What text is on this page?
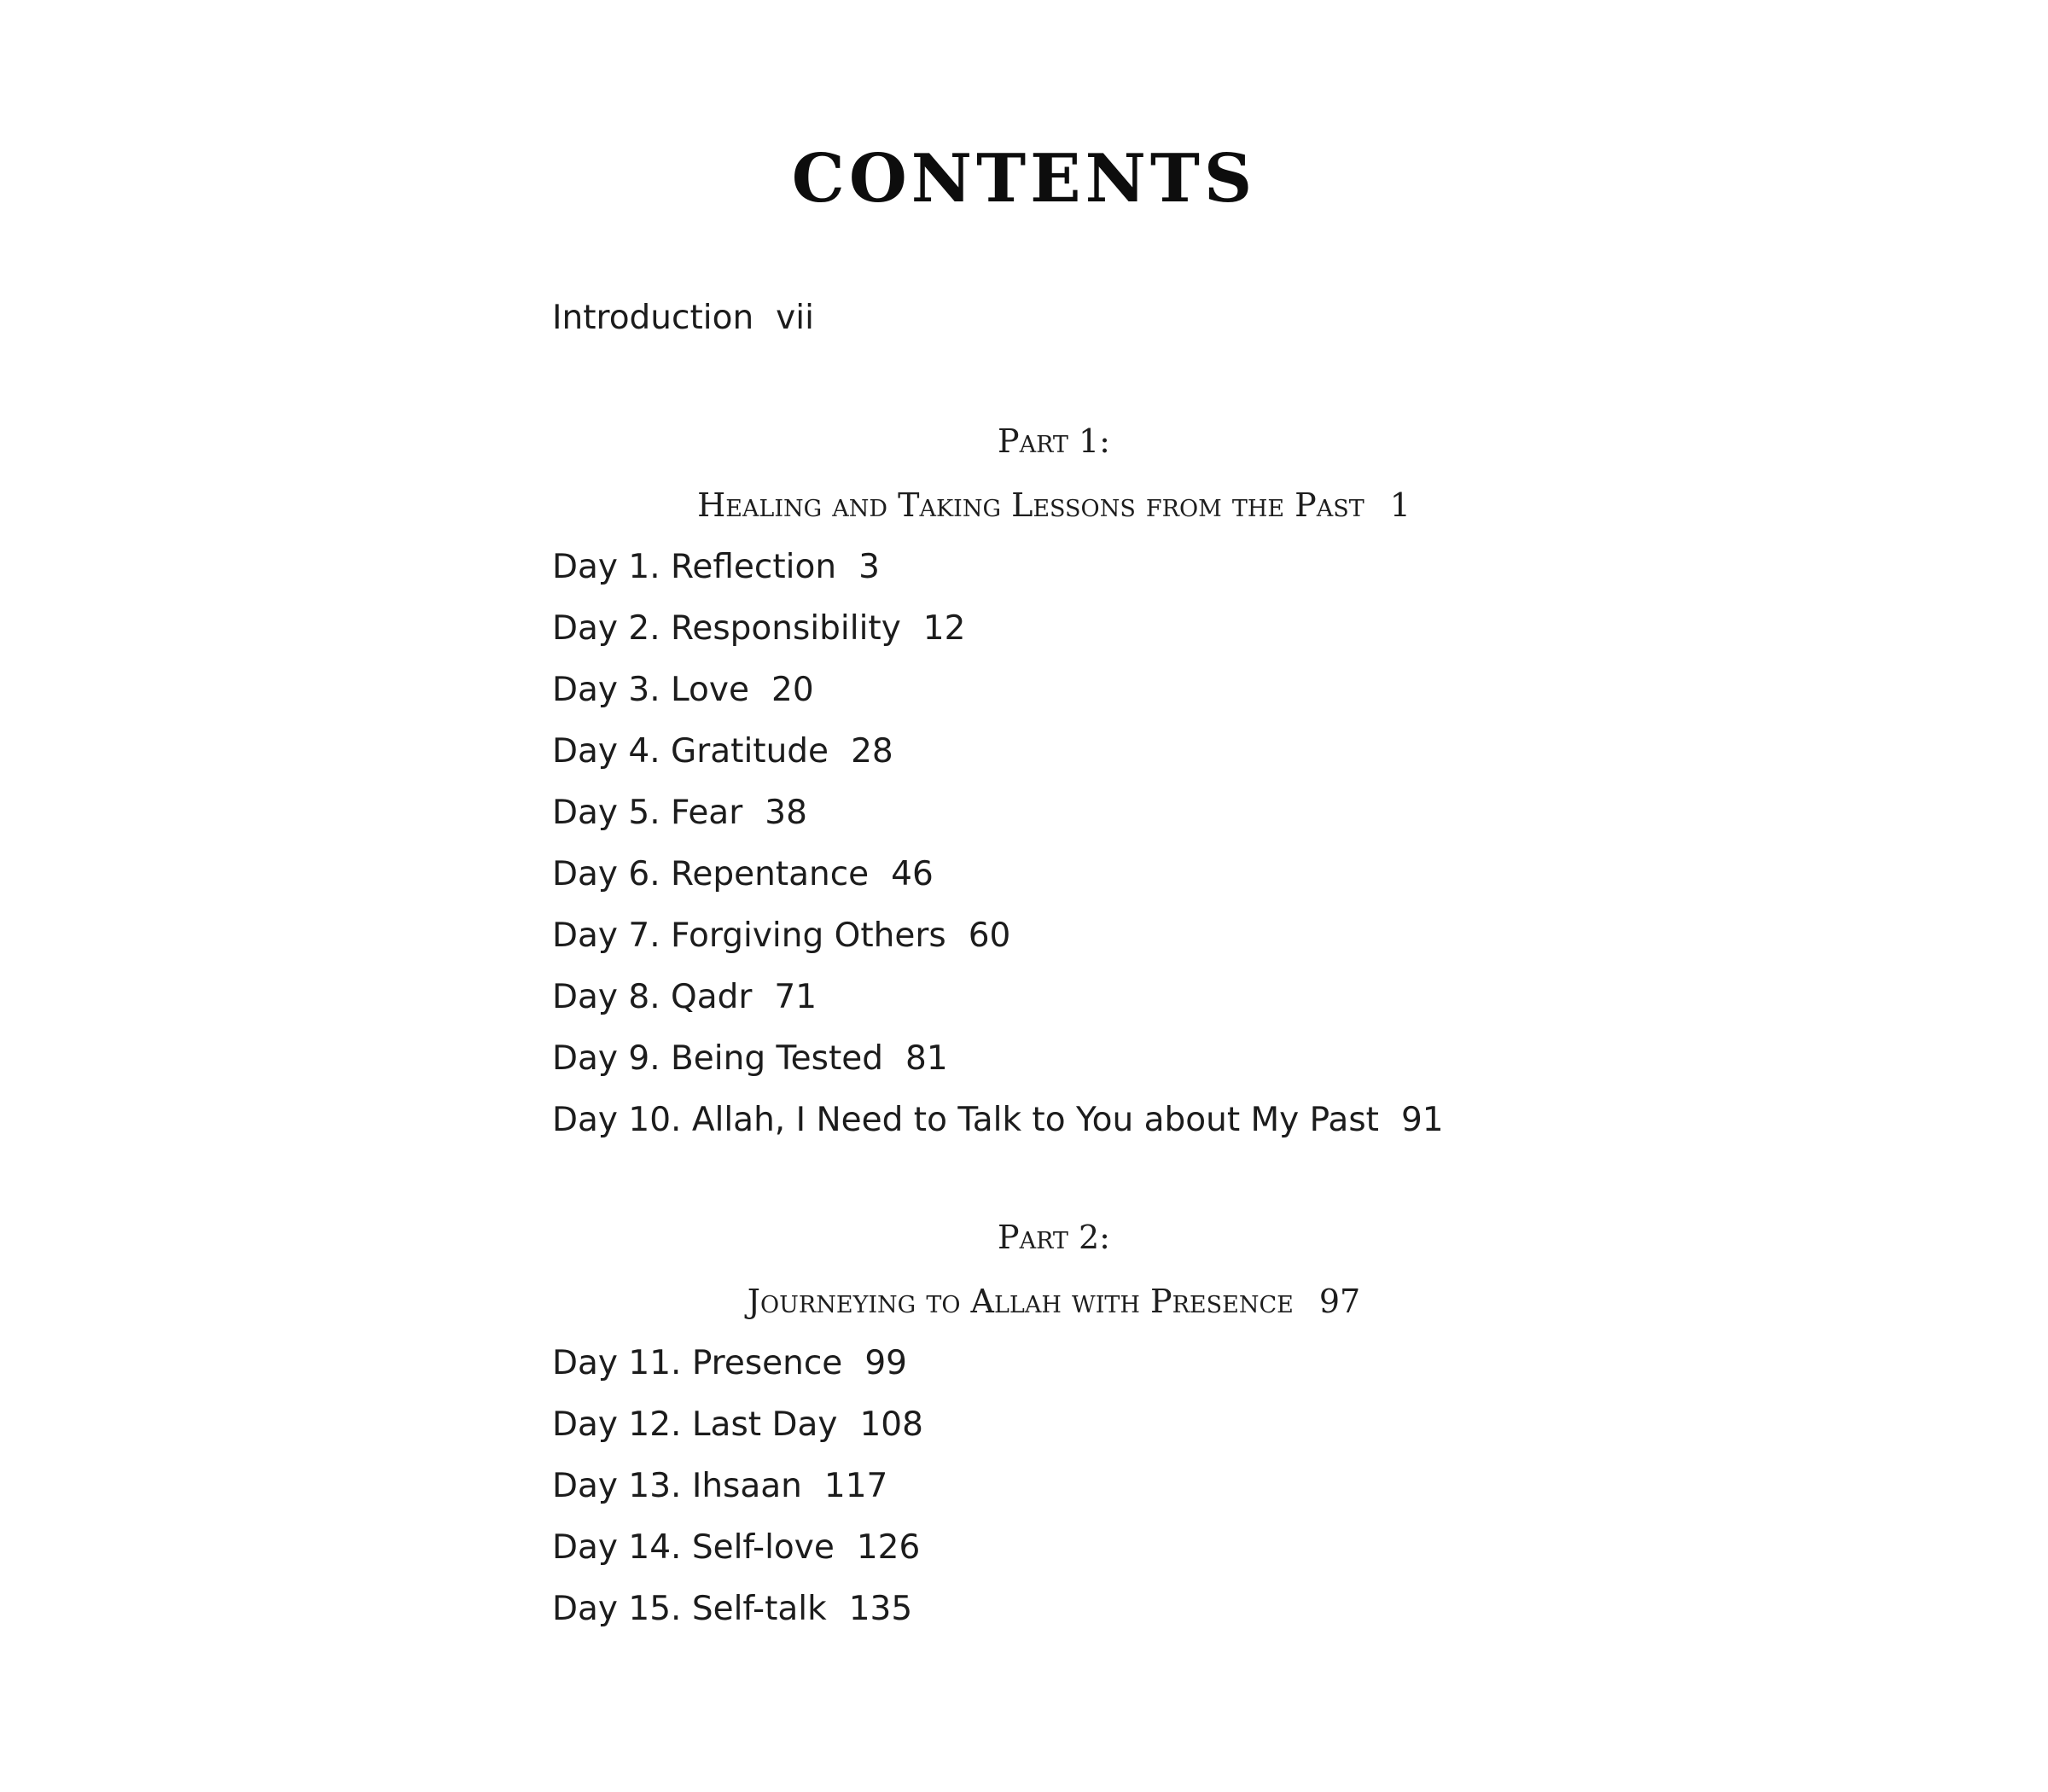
CONTENTS
Introduction vii
Part 1:
Healing and Taking Lessons from the Past 1
Day 1. Reflection 3
Day 2. Responsibility 12
Day 3. Love 20
Day 4. Gratitude 28
Day 5. Fear 38
Day 6. Repentance 46
Day 7. Forgiving Others 60
Day 8. Qadr 71
Day 9. Being Tested 81
Day 10. Allah, I Need to Talk to You about My Past 91
Part 2:
Journeying to Allah with Presence 97
Day 11. Presence 99
Day 12. Last Day 108
Day 13. Ihsaan 117
Day 14. Self-love 126
Day 15. Self-talk 135
